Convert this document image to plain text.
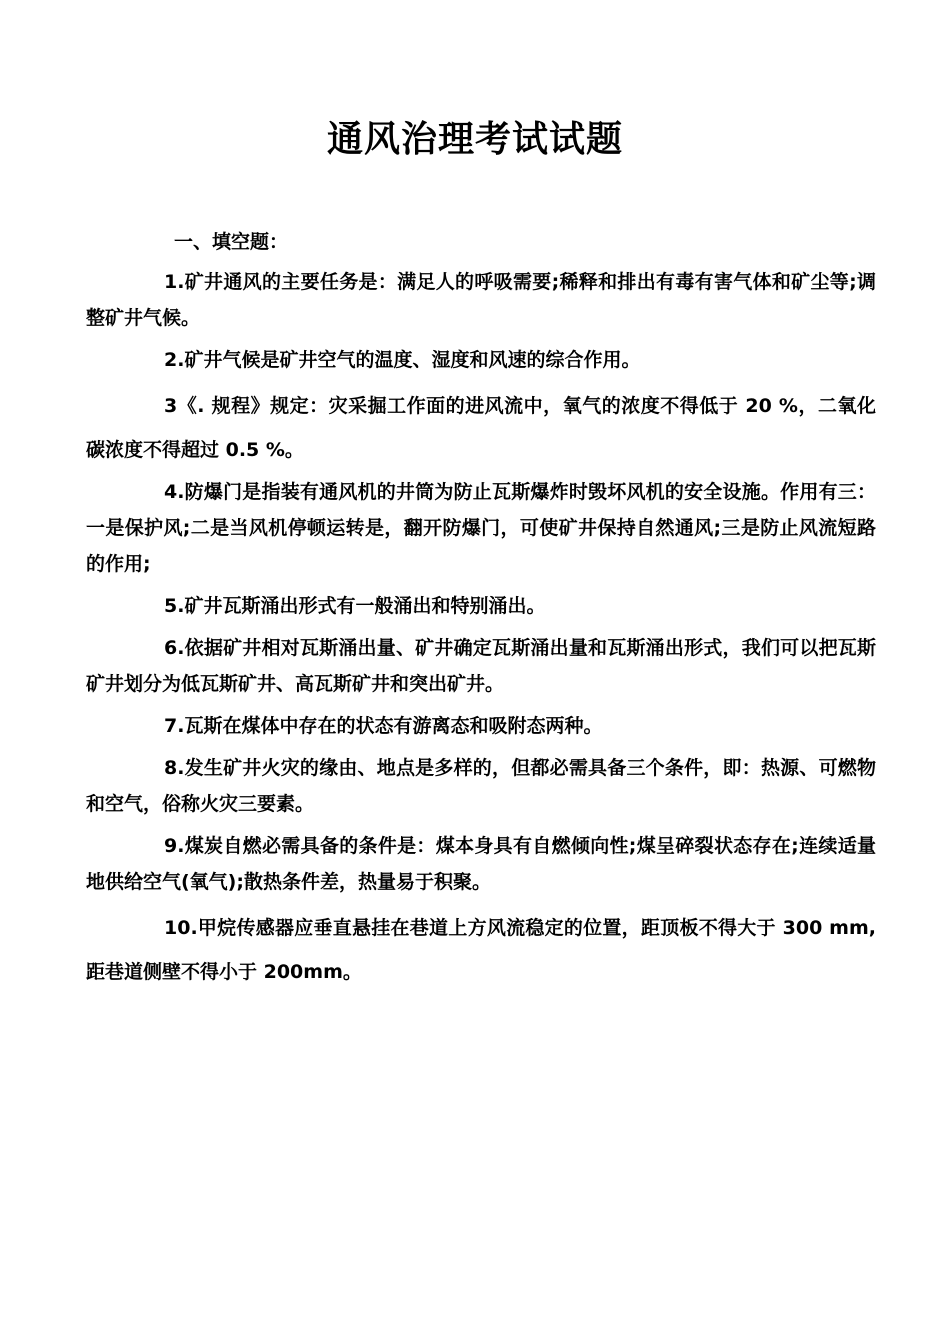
通风治理考试试题
一、填空题：

1.矿井通风的主要任务是：满足人的呼吸需要;稀释和排出有毒有害气体和矿尘等;调整矿井气候。

2.矿井气候是矿井空气的温度、湿度和风速的综合作用。

3《. 规程》规定：灾采掘工作面的进风流中，氧气的浓度不得低于 20 %，二氧化碳浓度不得超过 0.5 %。

4.防爆门是指装有通风机的井筒为防止瓦斯爆炸时毁坏风机的安全设施。作用有三：一是保护风;二是当风机停顿运转是，翻开防爆门，可使矿井保持自然通风;三是防止风流短路的作用;

5.矿井瓦斯涌出形式有一般涌出和特别涌出。

6.依据矿井相对瓦斯涌出量、矿井确定瓦斯涌出量和瓦斯涌出形式，我们可以把瓦斯矿井划分为低瓦斯矿井、高瓦斯矿井和突出矿井。

7.瓦斯在煤体中存在的状态有游离态和吸附态两种。

8.发生矿井火灾的缘由、地点是多样的，但都必需具备三个条件，即：热源、可燃物 和空气，俗称火灾三要素。

9.煤炭自燃必需具备的条件是：煤本身具有自燃倾向性;煤呈碎裂状态存在;连续适量地供给空气(氧气);散热条件差，热量易于积聚。

10.甲烷传感器应垂直悬挂在巷道上方风流稳定的位置，距顶板不得大于 300 mm,距巷道侧壁不得小于 200mm。
